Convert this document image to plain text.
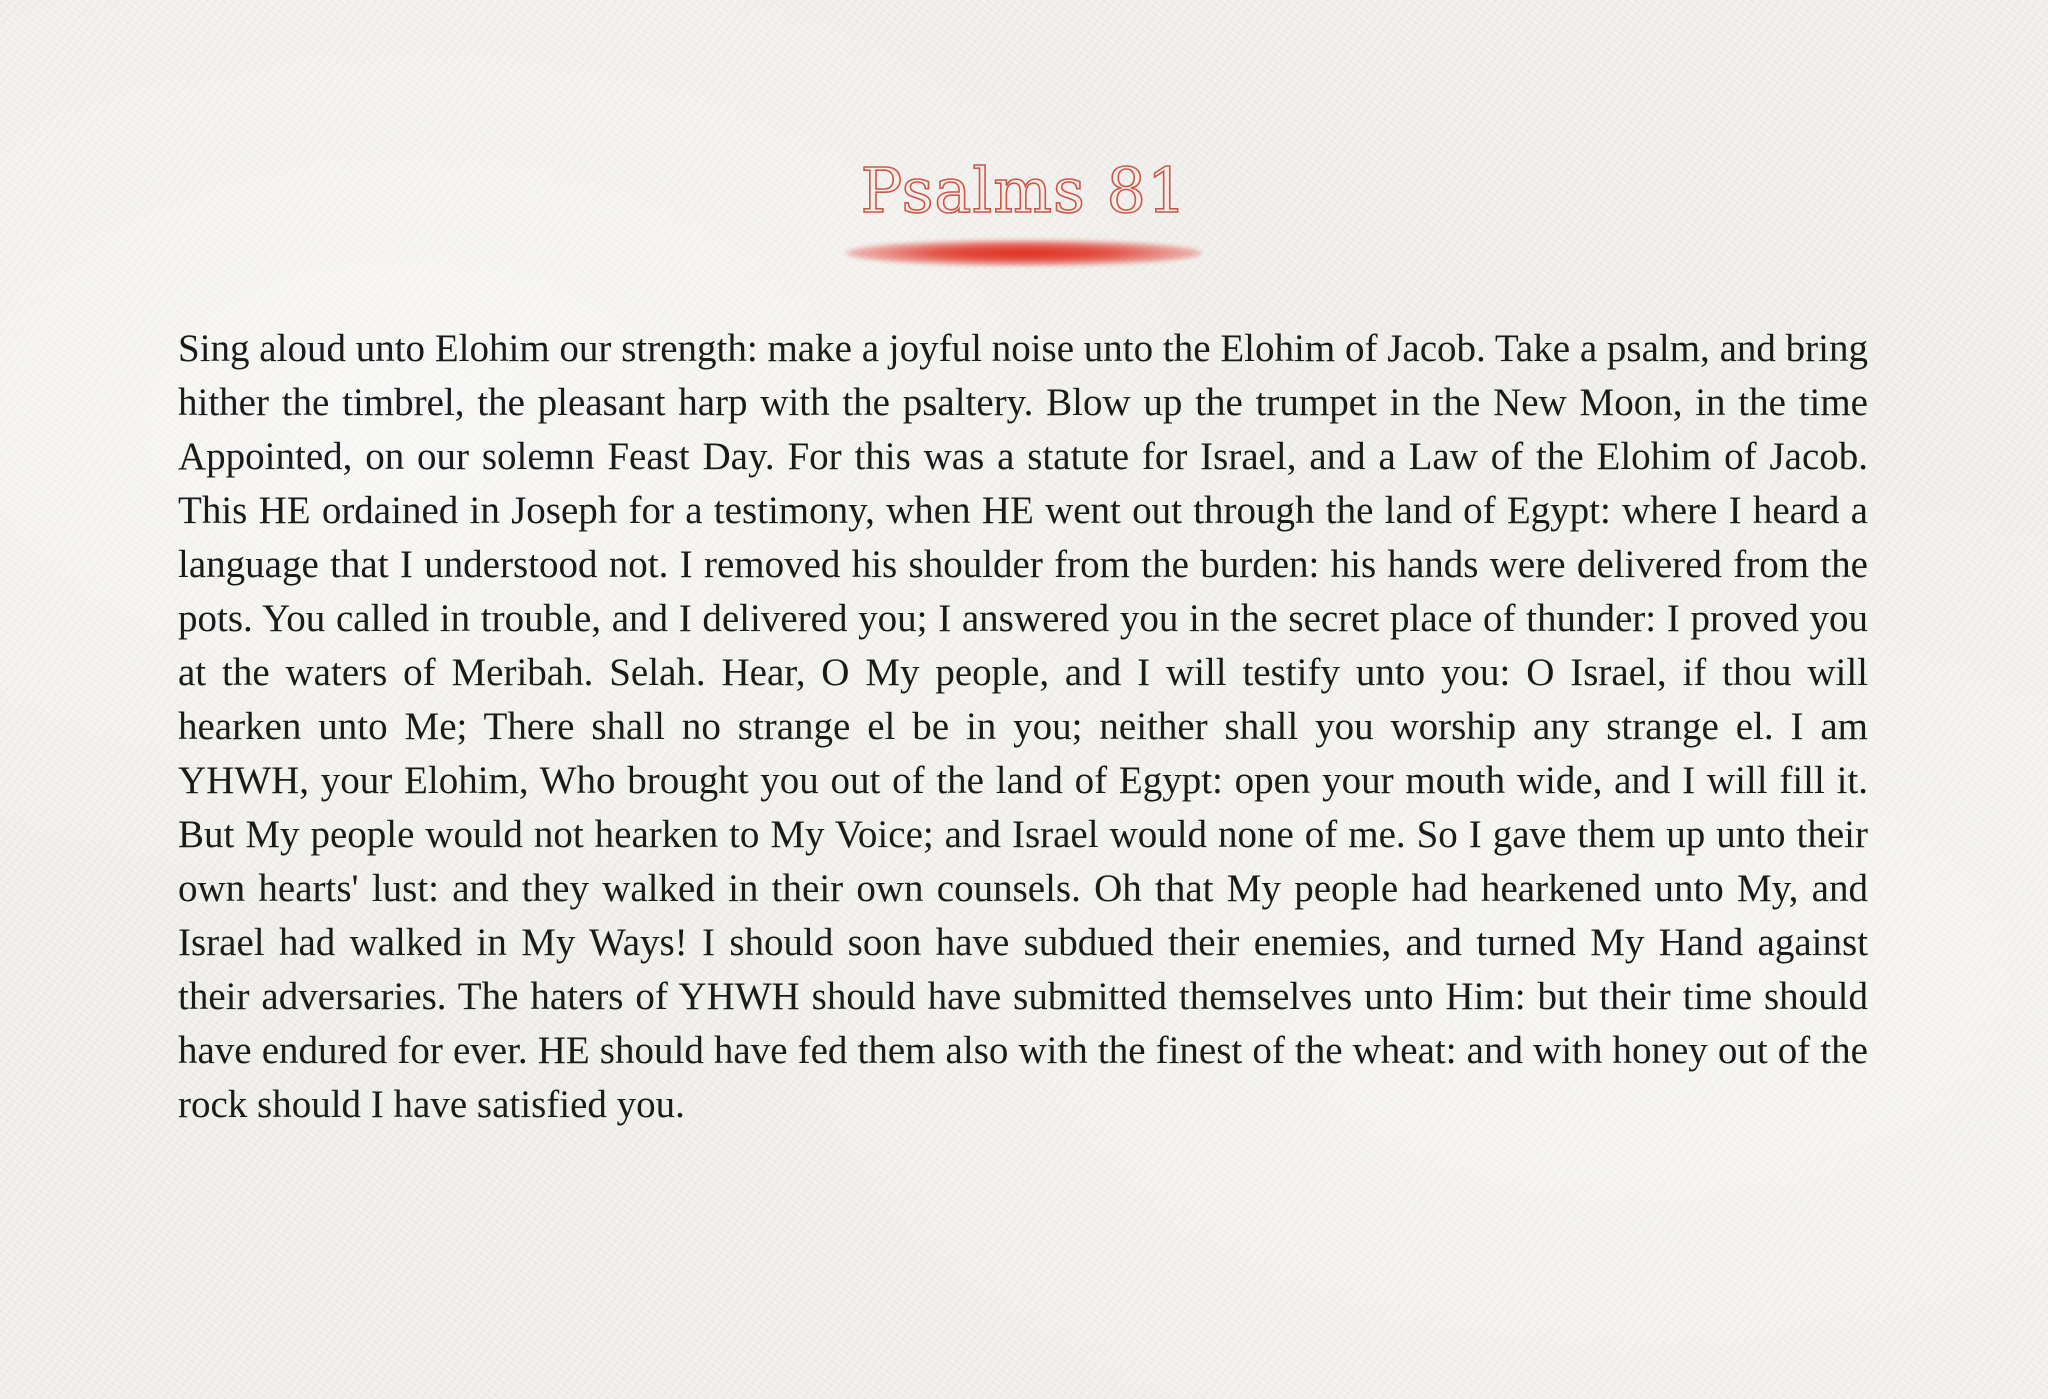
Psalms 81

Sing aloud unto Elohim our strength: make a joyful noise unto the Elohim of Jacob. Take a psalm, and bring hither the timbrel, the pleasant harp with the psaltery. Blow up the trumpet in the New Moon, in the time Appointed, on our solemn Feast Day. For this was a statute for Israel, and a Law of the Elohim of Jacob. This HE ordained in Joseph for a testimony, when HE went out through the land of Egypt: where I heard a language that I understood not. I removed his shoulder from the burden: his hands were delivered from the pots. You called in trouble, and I delivered you; I answered you in the secret place of thunder: I proved you at the waters of Meribah. Selah. Hear, O My people, and I will testify unto you: O Israel, if thou will hearken unto Me; There shall no strange el be in you; neither shall you worship any strange el. I am YHWH, your Elohim, Who brought you out of the land of Egypt: open your mouth wide, and I will fill it. But My people would not hearken to My Voice; and Israel would none of me. So I gave them up unto their own hearts' lust: and they walked in their own counsels. Oh that My people had hearkened unto My, and Israel had walked in My Ways! I should soon have subdued their enemies, and turned My Hand against their adversaries. The haters of YHWH should have submitted themselves unto Him: but their time should have endured for ever. HE should have fed them also with the finest of the wheat: and with honey out of the rock should I have satisfied you.
